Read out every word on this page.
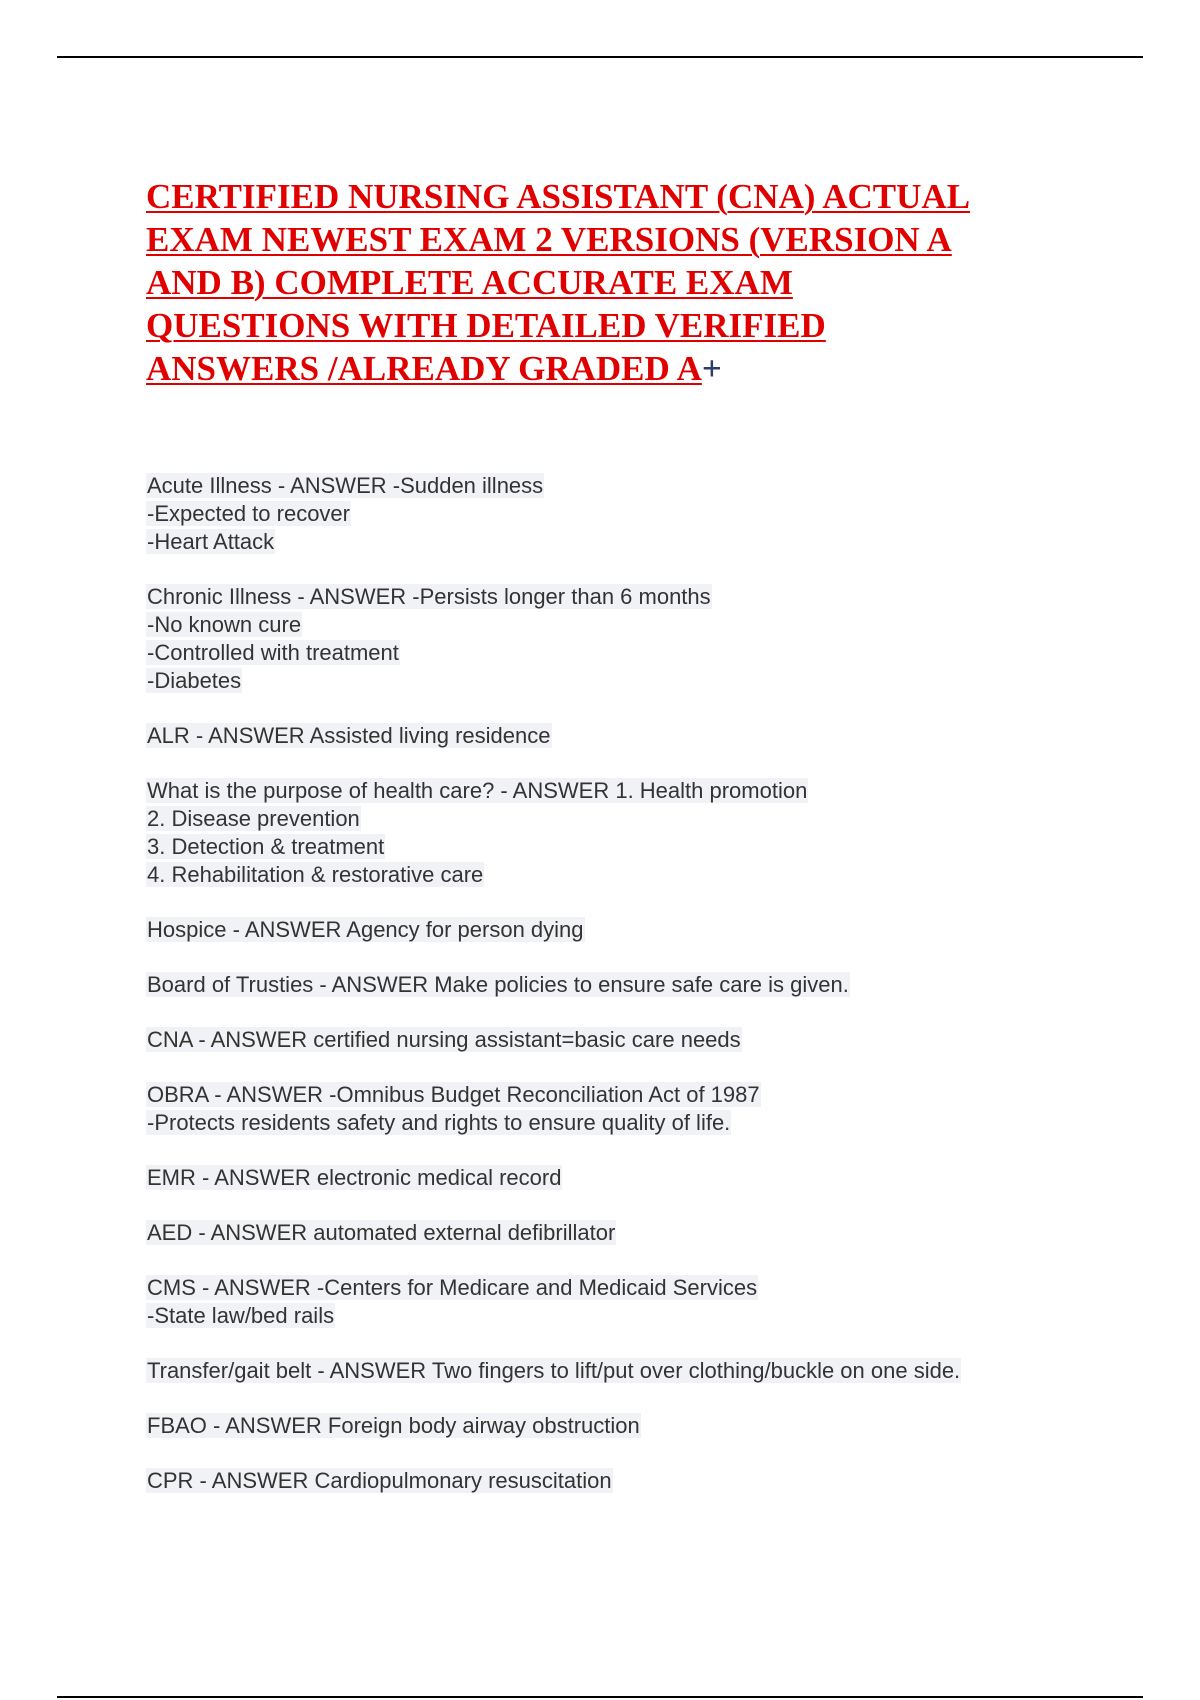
CERTIFIED NURSING ASSISTANT (CNA) ACTUAL
EXAM NEWEST EXAM 2 VERSIONS (VERSION A
AND B) COMPLETE ACCURATE EXAM
QUESTIONS WITH DETAILED VERIFIED
ANSWERS /ALREADY GRADED A+
Acute Illness - ANSWER -Sudden illness
-Expected to recover
-Heart Attack
Chronic Illness - ANSWER -Persists longer than 6 months
-No known cure
-Controlled with treatment
-Diabetes
ALR - ANSWER Assisted living residence
What is the purpose of health care? - ANSWER 1. Health promotion
2. Disease prevention
3. Detection & treatment
4. Rehabilitation & restorative care
Hospice - ANSWER Agency for person dying
Board of Trusties - ANSWER Make policies to ensure safe care is given.
CNA - ANSWER certified nursing assistant=basic care needs
OBRA - ANSWER -Omnibus Budget Reconciliation Act of 1987
-Protects residents safety and rights to ensure quality of life.
EMR - ANSWER electronic medical record
AED - ANSWER automated external defibrillator
CMS - ANSWER -Centers for Medicare and Medicaid Services
-State law/bed rails
Transfer/gait belt - ANSWER Two fingers to lift/put over clothing/buckle on one side.
FBAO - ANSWER Foreign body airway obstruction
CPR - ANSWER Cardiopulmonary resuscitation
